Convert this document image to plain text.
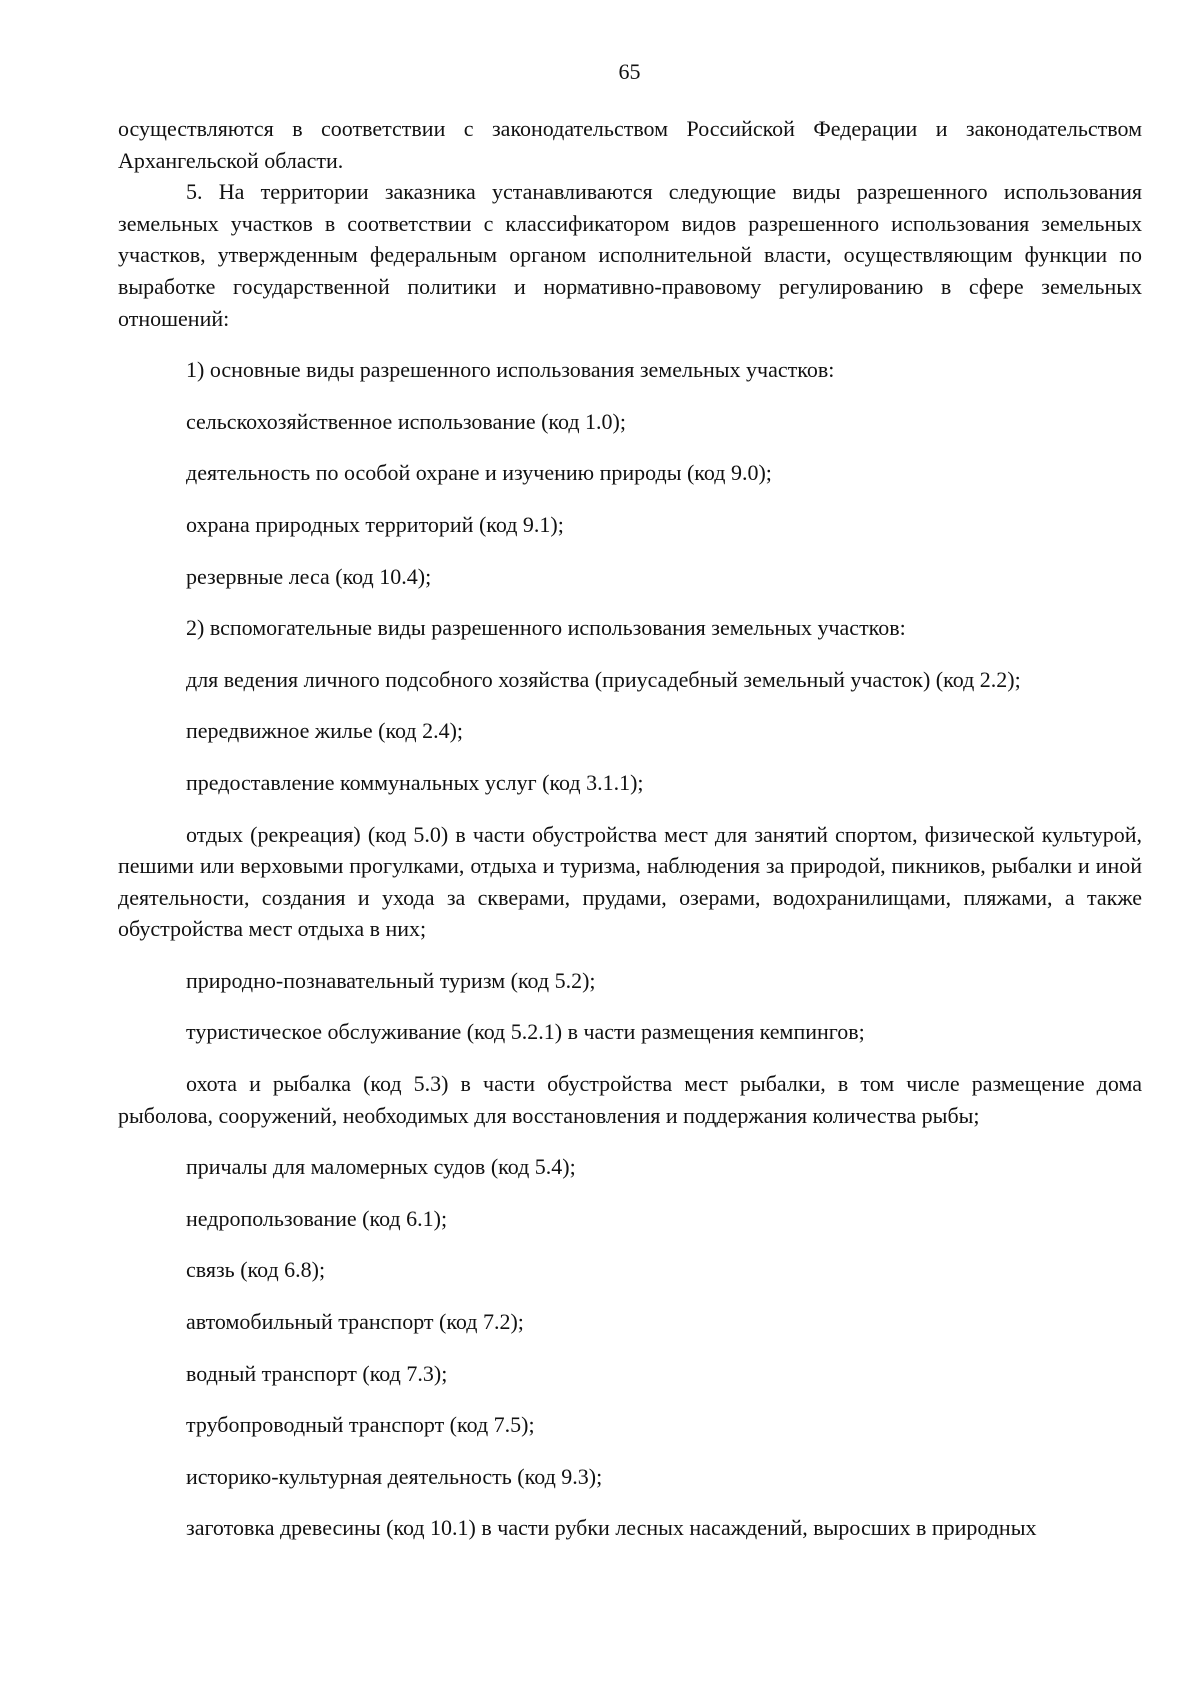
65

осуществляются в соответствии с законодательством Российской Федерации и законодательством Архангельской области.

5. На территории заказника устанавливаются следующие виды разрешенного использования земельных участков в соответствии с классификатором видов разрешенного использования земельных участков, утвержденным федеральным органом исполнительной власти, осуществляющим функции по выработке государственной политики и нормативно-правовому регулированию в сфере земельных отношений:

1) основные виды разрешенного использования земельных участков:

сельскохозяйственное использование (код 1.0);

деятельность по особой охране и изучению природы (код 9.0);

охрана природных территорий (код 9.1);

резервные леса (код 10.4);

2) вспомогательные виды разрешенного использования земельных участков:

для ведения личного подсобного хозяйства (приусадебный земельный участок) (код 2.2);

передвижное жилье (код 2.4);

предоставление коммунальных услуг (код 3.1.1);

отдых (рекреация) (код 5.0) в части обустройства мест для занятий спортом, физической культурой, пешими или верховыми прогулками, отдыха и туризма, наблюдения за природой, пикников, рыбалки и иной деятельности, создания и ухода за скверами, прудами, озерами, водохранилищами, пляжами, а также обустройства мест отдыха в них;

природно-познавательный туризм (код 5.2);

туристическое обслуживание (код 5.2.1) в части размещения кемпингов;

охота и рыбалка (код 5.3) в части обустройства мест рыбалки, в том числе размещение дома рыболова, сооружений, необходимых для восстановления и поддержания количества рыбы;

причалы для маломерных судов (код 5.4);

недропользование (код 6.1);

связь (код 6.8);

автомобильный транспорт (код 7.2);

водный транспорт (код 7.3);

трубопроводный транспорт (код 7.5);

историко-культурная деятельность (код 9.3);

заготовка древесины (код 10.1) в части рубки лесных насаждений, выросших в природных
